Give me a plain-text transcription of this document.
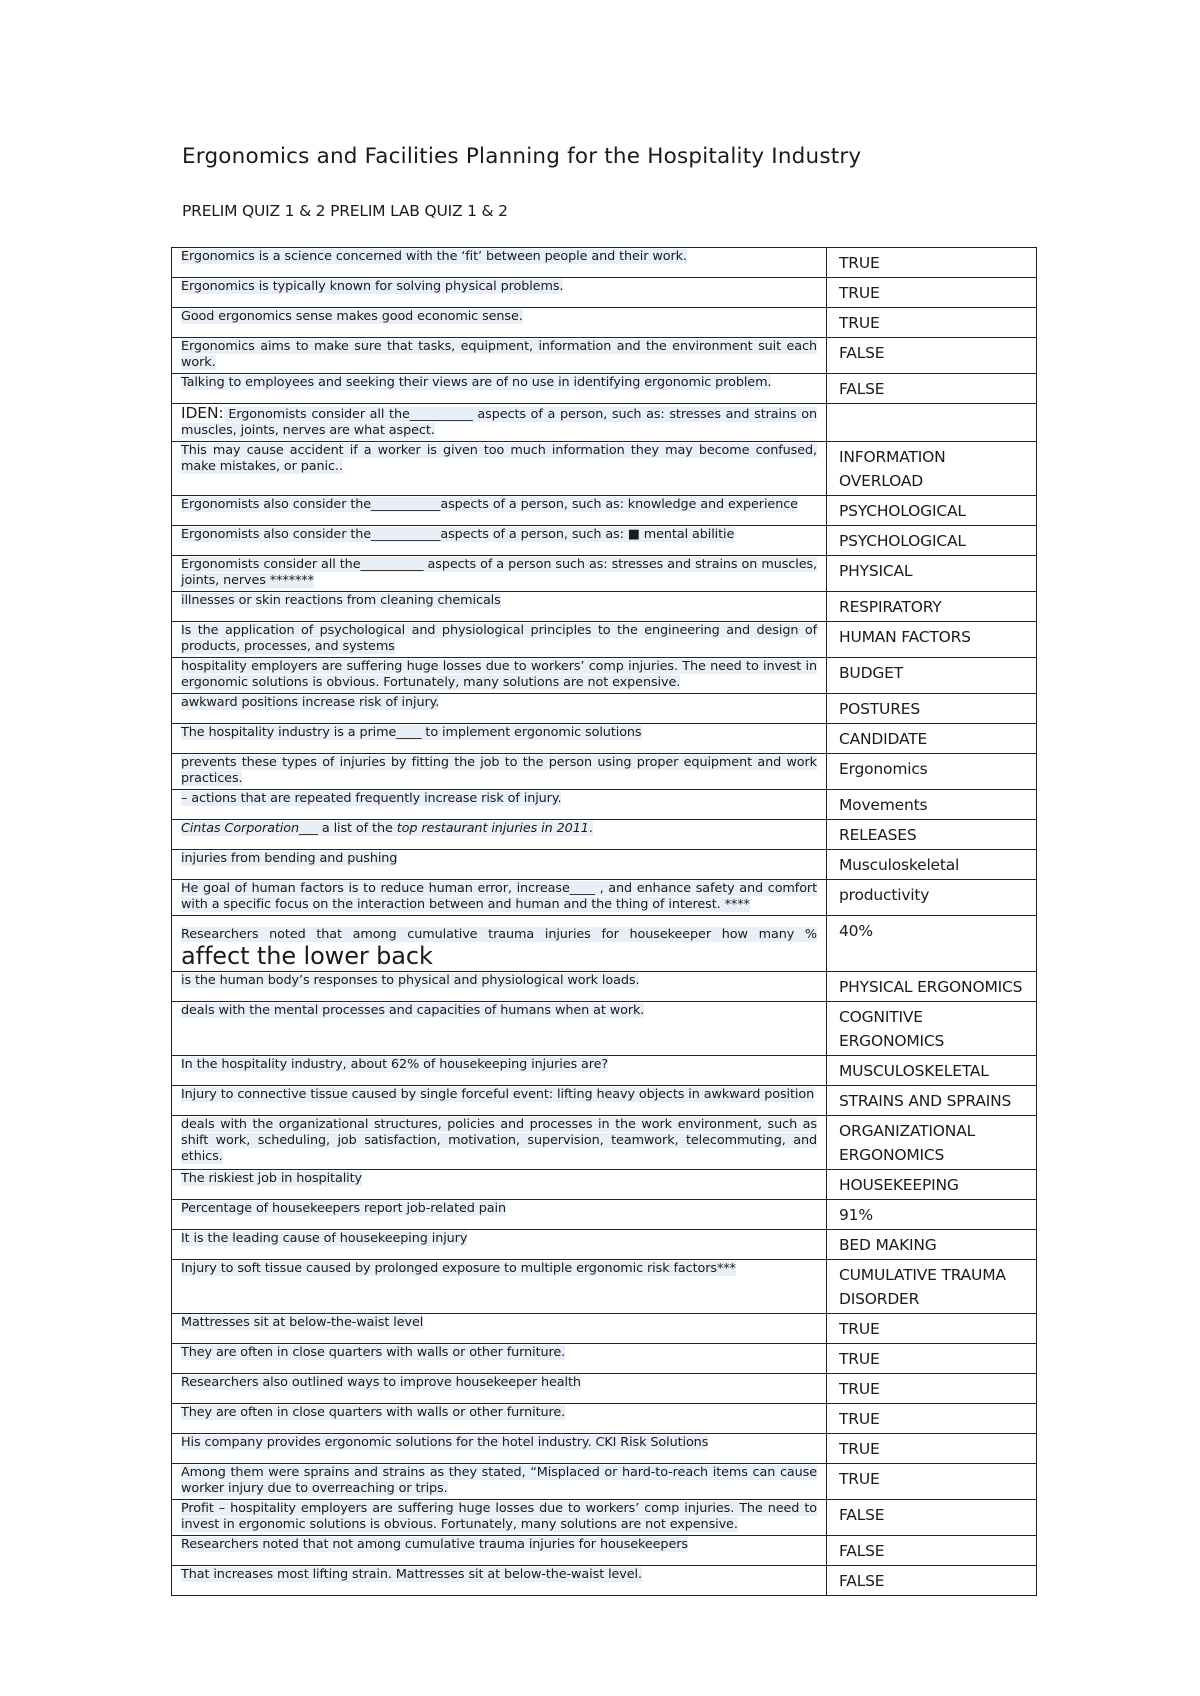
Ergonomics and Facilities Planning for the Hospitality Industry
PRELIM QUIZ 1 & 2 PRELIM LAB QUIZ 1 & 2
Ergonomics is a science concerned with the ‘fit’ between people and their work.	TRUE
Ergonomics is typically known for solving physical problems.	TRUE
Good ergonomics sense makes good economic sense.	TRUE
Ergonomics aims to make sure that tasks, equipment, information and the environment suit each work.	FALSE
Talking to employees and seeking their views are of no use in identifying ergonomic problem.	FALSE
IDEN: Ergonomists consider all the__________ aspects of a person, such as: stresses and strains on muscles, joints, nerves are what aspect.	
This may cause accident if a worker is given too much information they may become confused, make mistakes, or panic..	INFORMATION OVERLOAD
Ergonomists also consider the___________aspects of a person, such as: knowledge and experience	PSYCHOLOGICAL
Ergonomists also consider the___________aspects of a person, such as: ■ mental abilitie	PSYCHOLOGICAL
Ergonomists consider all the__________ aspects of a person such as: stresses and strains on muscles, joints, nerves *******	PHYSICAL
illnesses or skin reactions from cleaning chemicals	RESPIRATORY
Is the application of psychological and physiological principles to the engineering and design of products, processes, and systems	HUMAN FACTORS
hospitality employers are suffering huge losses due to workers’ comp injuries. The need to invest in ergonomic solutions is obvious. Fortunately, many solutions are not expensive.	BUDGET
awkward positions increase risk of injury.	POSTURES
The hospitality industry is a prime____ to implement ergonomic solutions	CANDIDATE
prevents these types of injuries by fitting the job to the person using proper equipment and work practices.	Ergonomics
– actions that are repeated frequently increase risk of injury.	Movements
Cintas Corporation___ a list of the top restaurant injuries in 2011.	RELEASES
injuries from bending and pushing	Musculoskeletal
He goal of human factors is to reduce human error, increase____ , and enhance safety and comfort with a specific focus on the interaction between and human and the thing of interest. ****	productivity
Researchers noted that among cumulative trauma injuries for housekeeper how many % affect the lower back	40%
is the human body’s responses to physical and physiological work loads.	PHYSICAL ERGONOMICS
deals with the mental processes and capacities of humans when at work.	COGNITIVE ERGONOMICS
In the hospitality industry, about 62% of housekeeping injuries are?	MUSCULOSKELETAL
Injury to connective tissue caused by single forceful event: lifting heavy objects in awkward position	STRAINS AND SPRAINS
deals with the organizational structures, policies and processes in the work environment, such as shift work, scheduling, job satisfaction, motivation, supervision, teamwork, telecommuting, and ethics.	ORGANIZATIONAL ERGONOMICS
The riskiest job in hospitality	HOUSEKEEPING
Percentage of housekeepers report job-related pain	91%
It is the leading cause of housekeeping injury	BED MAKING
Injury to soft tissue caused by prolonged exposure to multiple ergonomic risk factors***	CUMULATIVE TRAUMA DISORDER
Mattresses sit at below-the-waist level	TRUE
They are often in close quarters with walls or other furniture.	TRUE
Researchers also outlined ways to improve housekeeper health	TRUE
They are often in close quarters with walls or other furniture.	TRUE
His company provides ergonomic solutions for the hotel industry. CKI Risk Solutions	TRUE
Among them were sprains and strains as they stated, “Misplaced or hard-to-reach items can cause worker injury due to overreaching or trips.	TRUE
Profit – hospitality employers are suffering huge losses due to workers’ comp injuries. The need to invest in ergonomic solutions is obvious. Fortunately, many solutions are not expensive.	FALSE
Researchers noted that not among cumulative trauma injuries for housekeepers	FALSE
That increases most lifting strain. Mattresses sit at below-the-waist level.	FALSE
